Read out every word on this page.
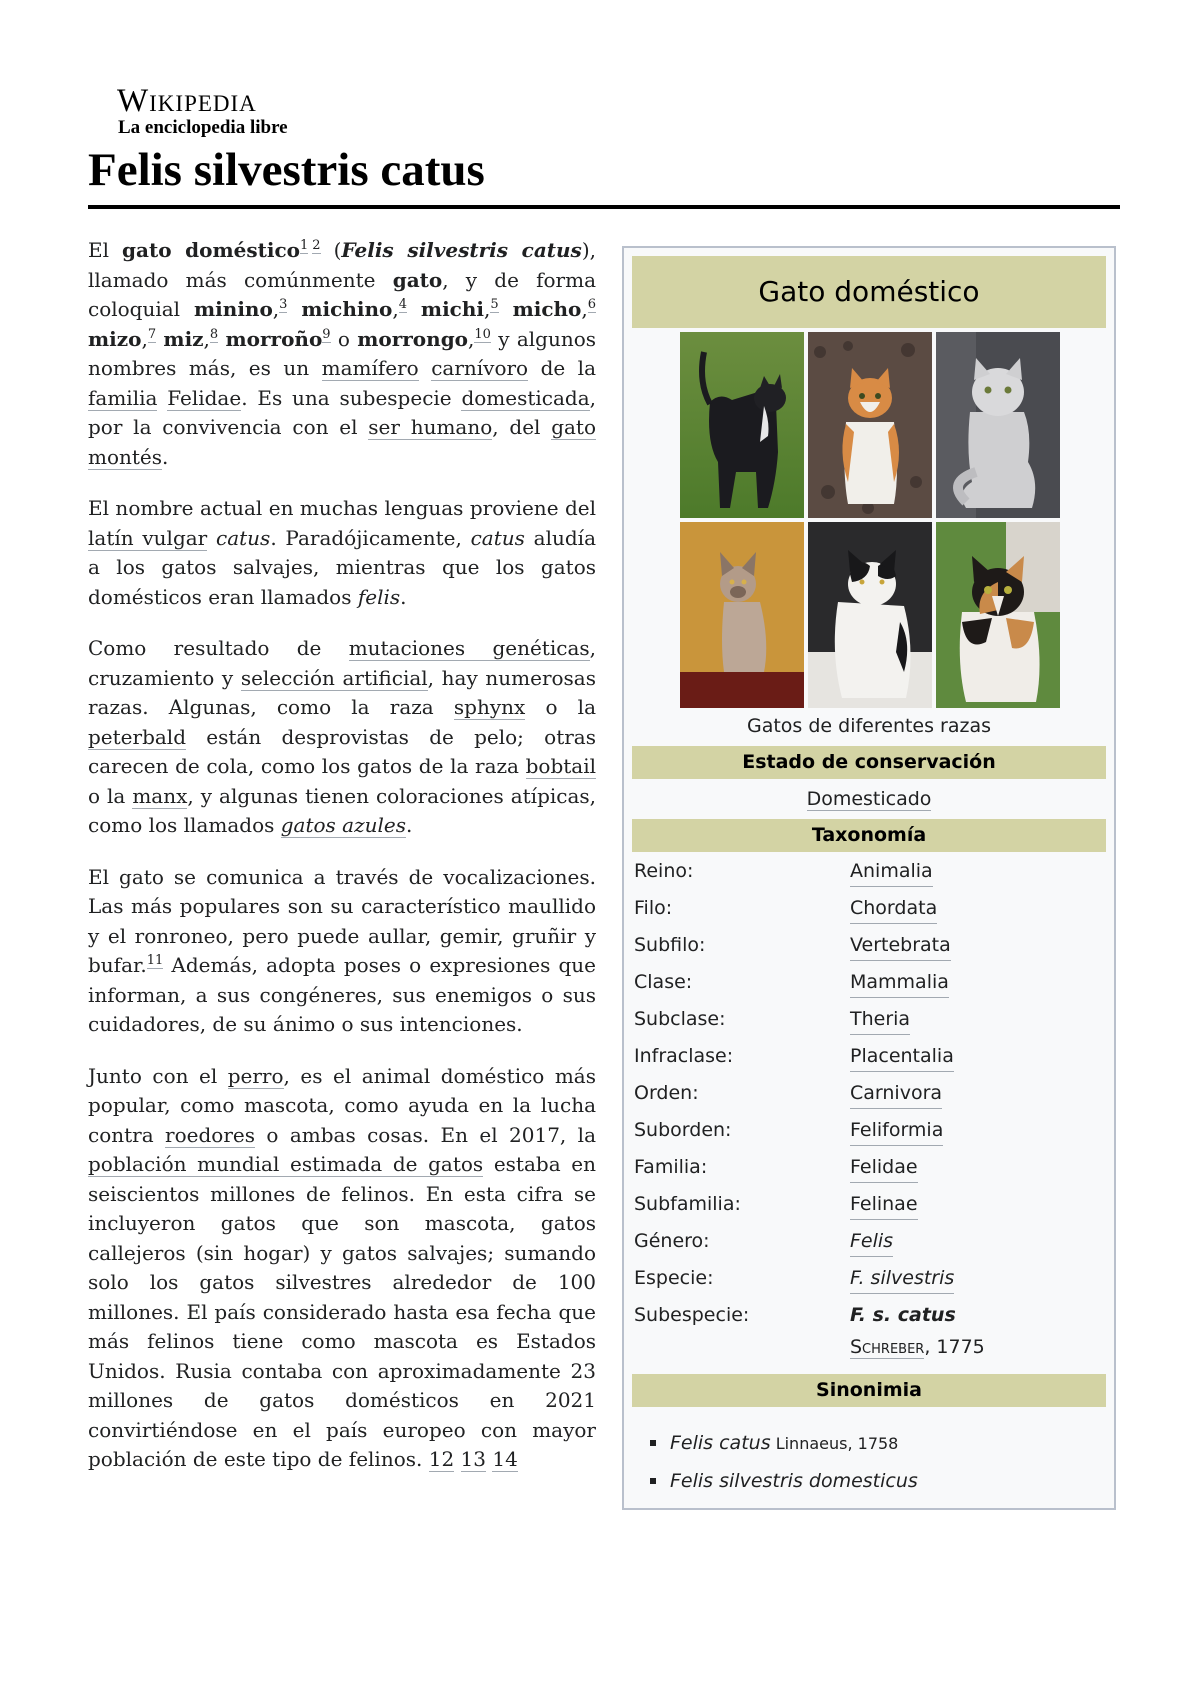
Wikipedia
La enciclopedia libre
Felis silvestris catus

El gato doméstico$^1$  $^2$ (Felis silvestris catus), llamado más comúnmente gato, y de forma coloquial minino,$^3$ michino,$^4$ michi,$^5$ micho,$^6$ mizo,$^7$ miz,$^8$ morroño$^9$ o morrongo,$^{10}$ y algunos nombres más, es un mamífero carnívoro de la familia Felidae. Es una subespecie domesticada, por la convivencia con el ser humano, del gato montés.

El nombre actual en muchas lenguas proviene del latín vulgar catus. Paradójicamente, catus aludía a los gatos salvajes, mientras que los gatos domésticos eran llamados felis.

Como resultado de mutaciones genéticas, cruzamiento y selección artificial, hay numerosas razas. Algunas, como la raza sphynx o la peterbald están desprovistas de pelo; otras carecen de cola, como los gatos de la raza bobtail o la manx, y algunas tienen coloraciones atípicas, como los llamados gatos azules.

El gato se comunica a través de vocalizaciones. Las más populares son su característico maullido y el ronroneo, pero puede aullar, gemir, gruñir y bufar.$^{11}$ Además, adopta poses o expresiones que informan, a sus congéneres, sus enemigos o sus cuidadores, de su ánimo o sus intenciones.

Junto con el perro, es el animal doméstico más popular, como mascota, como ayuda en la lucha contra roedores o ambas cosas. En el 2017, la población mundial estimada de gatos estaba en seiscientos millones de felinos. En esta cifra se incluyeron gatos que son mascota, gatos callejeros (sin hogar) y gatos salvajes; sumando solo los gatos silvestres alrededor de 100 millones. El país considerado hasta esa fecha que más felinos tiene como mascota es Estados Unidos. Rusia contaba con aproximadamente 23 millones de gatos domésticos en 2021 convirtiéndose en el país europeo con mayor población de este tipo de felinos. 12 13 14

Gato doméstico
Gatos de diferentes razas
Estado de conservación
Domesticado
Taxonomía
Reino:	Animalia
Filo:	Chordata
Subfilo:	Vertebrata
Clase:	Mammalia
Subclase:	Theria
Infraclase:	Placentalia
Orden:	Carnivora
Suborden:	Feliformia
Familia:	Felidae
Subfamilia:	Felinae
Género:	Felis
Especie:	F. silvestris
Subespecie:	F. s. catus
Schreber, 1775
Sinonimia
Felis catus Linnaeus, 1758
Felis silvestris domesticus
